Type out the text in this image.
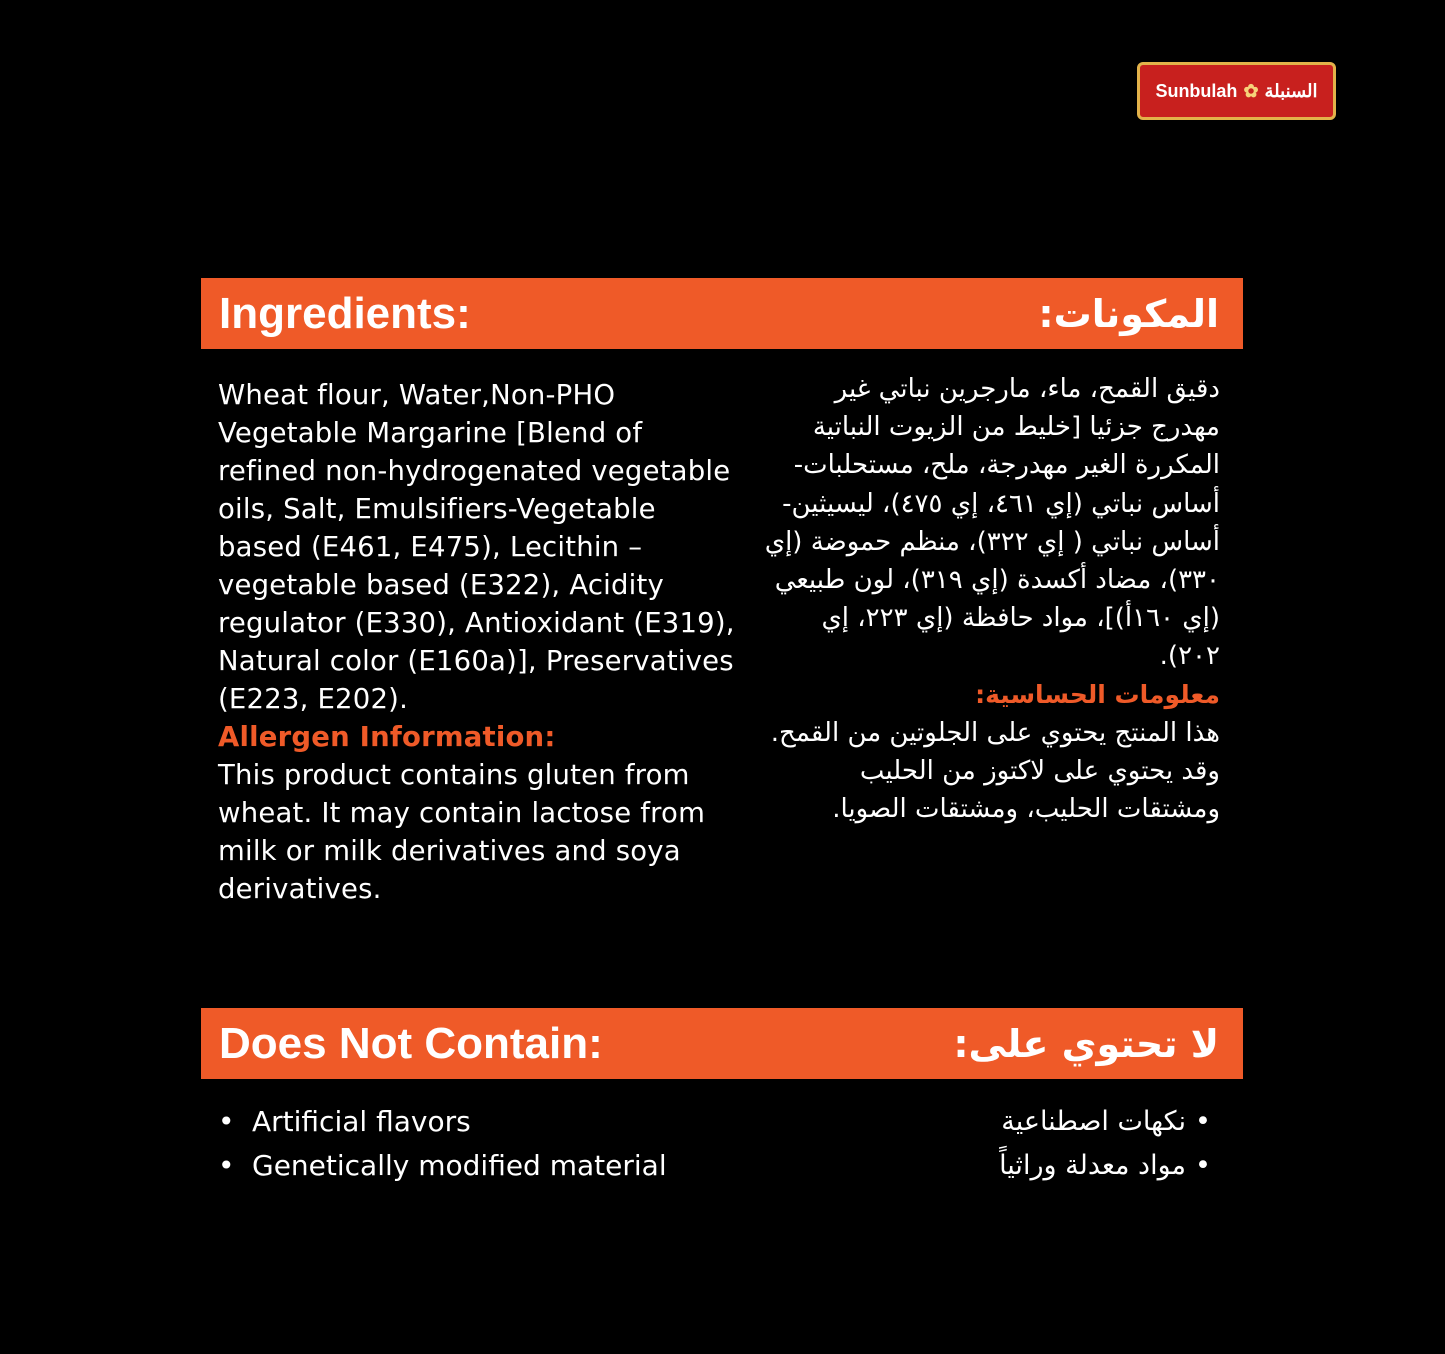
Sunbulah ✿ السنبلة
Ingredients:	المكونات:

Wheat flour, Water,Non-PHO Vegetable Margarine [Blend of refined non-hydrogenated vegetable oils, Salt, Emulsifiers-Vegetable based (E461, E475), Lecithin – vegetable based (E322), Acidity regulator (E330), Antioxidant (E319), Natural color (E160a)], Preservatives (E223, E202).

Allergen Information:

This product contains gluten from wheat. It may contain lactose from milk or milk derivatives and soya derivatives.

دقيق القمح، ماء، مارجرين نباتي غير مهدرج جزئيا [خليط من الزيوت النباتية المكررة الغير مهدرجة، ملح، مستحلبات- أساس نباتي (إي ٤٦١، إي ٤٧٥)، ليسيثين- أساس نباتي ( إي ٣٢٢)، منظم حموضة (إي ٣٣٠)، مضاد أكسدة (إي ٣١٩)، لون طبيعي (إي ١٦٠أ)]، مواد حافظة (إي ٢٢٣، إي ٢٠٢).

معلومات الحساسية:

هذا المنتج يحتوي على الجلوتين من القمح. وقد يحتوي على لاكتوز من الحليب ومشتقات الحليب، ومشتقات الصويا.

Does Not Contain:	لا تحتوي على:
• Artificial flavors
• Genetically modified material
• نكهات اصطناعية
• مواد معدلة وراثياً
